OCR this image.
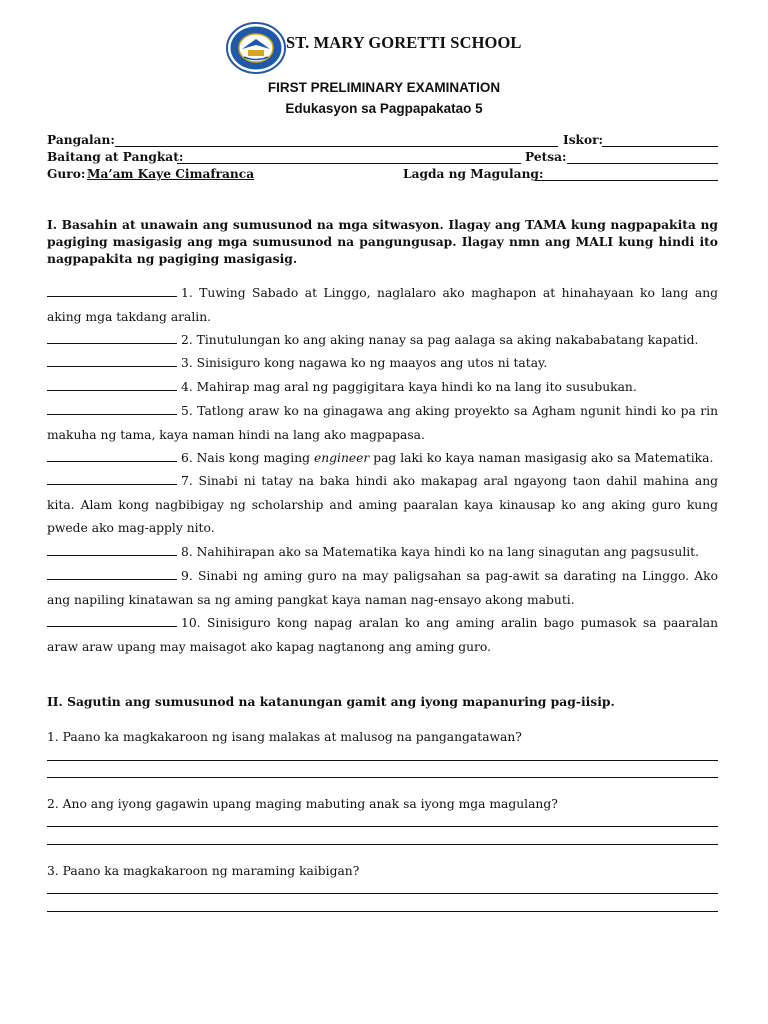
ST. MARY GORETTI SCHOOL
FIRST PRELIMINARY EXAMINATION
Edukasyon sa Pagpapakatao 5
Pangalan:	Iskor:
Baitang at Pangkat:	Petsa:
Guro: Ma’am Kaye Cimafranca	Lagda ng Magulang:
I. Basahin at unawain ang sumusunod na mga sitwasyon. Ilagay ang TAMA kung nagpapakita ng pagiging masigasig ang mga sumusunod na pangungusap. Ilagay nmn ang MALI kung hindi ito nagpapakita ng pagiging masigasig.
1. Tuwing Sabado at Linggo, naglalaro ako maghapon at hinahayaan ko lang ang aking mga takdang aralin.
2. Tinutulungan ko ang aking nanay sa pag aalaga sa aking nakababatang kapatid.
3. Sinisiguro kong nagawa ko ng maayos ang utos ni tatay.
4. Mahirap mag aral ng paggigitara kaya hindi ko na lang ito susubukan.
5. Tatlong araw ko na ginagawa ang aking proyekto sa Agham ngunit hindi ko pa rin makuha ng tama, kaya naman hindi na lang ako magpapasa.
6. Nais kong maging engineer pag laki ko kaya naman masigasig ako sa Matematika.
7. Sinabi ni tatay na baka hindi ako makapag aral ngayong taon dahil mahina ang kita. Alam kong nagbibigay ng scholarship and aming paaralan kaya kinausap ko ang aking guro kung pwede ako mag-apply nito.
8. Nahihirapan ako sa Matematika kaya hindi ko na lang sinagutan ang pagsusulit.
9. Sinabi ng aming guro na may paligsahan sa pag-awit sa darating na Linggo. Ako ang napiling kinatawan sa ng aming pangkat kaya naman nag-ensayo akong mabuti.
10. Sinisiguro kong napag aralan ko ang aming aralin bago pumasok sa paaralan araw araw upang may maisagot ako kapag nagtanong ang aming guro.
II. Sagutin ang sumusunod na katanungan gamit ang iyong mapanuring pag-iisip.
1. Paano ka magkakaroon ng isang malakas at malusog na pangangatawan?
2. Ano ang iyong gagawin upang maging mabuting anak sa iyong mga magulang?
3. Paano ka magkakaroon ng maraming kaibigan?
